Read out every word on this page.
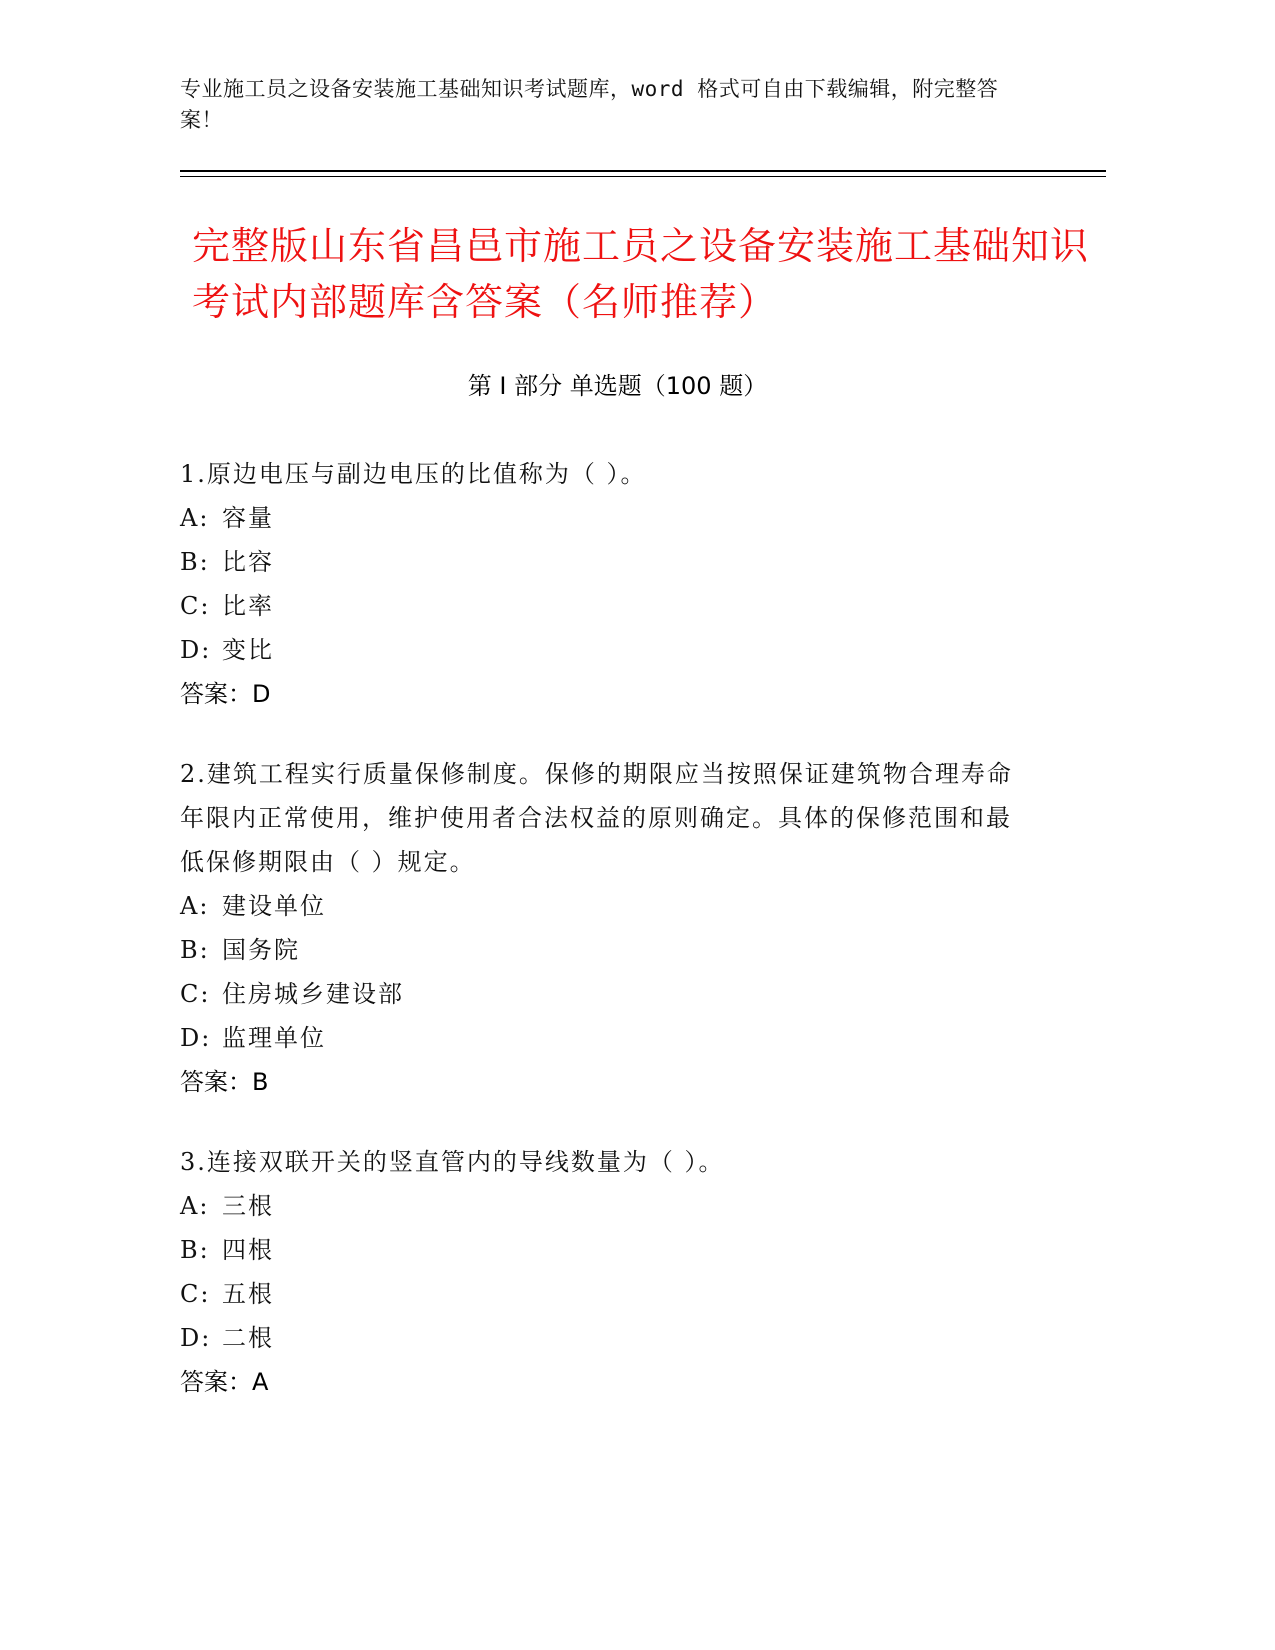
专业施工员之设备安装施工基础知识考试题库，word 格式可自由下载编辑，附完整答案！
完整版山东省昌邑市施工员之设备安装施工基础知识考试内部题库含答案（名师推荐）
第 I 部分 单选题（100 题）
1.原边电压与副边电压的比值称为（ ）。
A: 容量
B: 比容
C: 比率
D: 变比
答案：D
2.建筑工程实行质量保修制度。保修的期限应当按照保证建筑物合理寿命年限内正常使用，维护使用者合法权益的原则确定。具体的保修范围和最低保修期限由（ ）规定。
A: 建设单位
B: 国务院
C: 住房城乡建设部
D: 监理单位
答案：B
3.连接双联开关的竖直管内的导线数量为（ ）。
A: 三根
B: 四根
C: 五根
D: 二根
答案：A
